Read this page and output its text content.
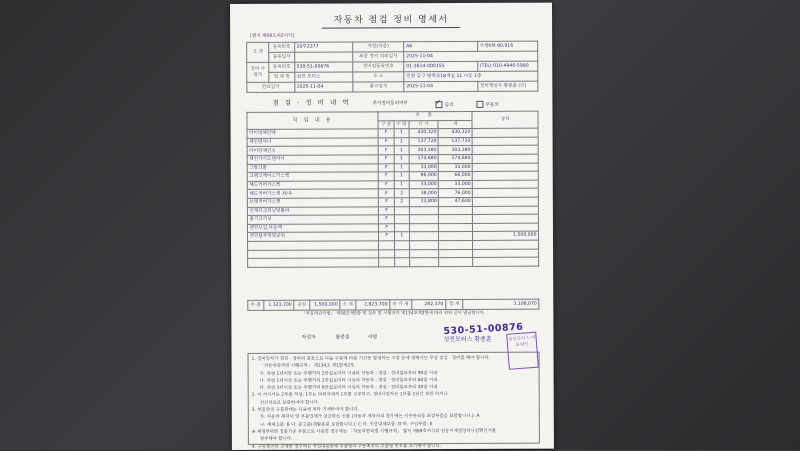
자동차 점검 정비 명세서
[별지 제69호의2서식]
고 객	등록번호	20루2377	차량(차종)	A6	주행KM 80,916
	등록일자		최종 정비 의뢰일자	2025-11-04	
정비 사업자	등록번호	530-51-00876	정비업등록번호	01-2614-000155	(TEL) 010-4940-5990
	업 체 명	성진 모터스	주 소	인천 동구 방축로18개길 11 나동 1층	
완료일자		2025-11-04	출고일자	2025-11-04	정비책임자 황종훈 (인)
점 검 · 정 비 내 역	추가정비동의여부	✓ 동의	부동의
작 업 내 용	부 품				공임
	구 분	수 량	단 가	계	
타이밍체인대	F	1	430,320	430,320	
체인텐셔너	F	1	137,720	137,720	
타이밍체인소	F	1	303,380	303,380	
체인가이드텐셔너	F	1	174,680	174,680	
그랑크볼	F	1	33,000	33,000	
크랭크케이스가스켓	F	1	66,000	66,000	
헤드커버가스켓	F	1	33,000	33,000	
헤드커버가스켓 좌/우	F	2	38,000	76,000	
브랫커버가스켓	F	2	23,800	47,600	
인젝터크리닝및톨바	F				
흡기크리닝	F				
엔진오일,부동액	F				
엔진탈부착및공임	F	1			1,500,000

부 품	1,323,700	공임	1,500,000	소 계	2,823,700	부 가 세	282,370	합 계	3,106,070
「자동차관리법」 제58조제5항 및 같은 법 시행규칙 제134조제2항에 따라 위와 같이 발급합니다.
작성자	황종훈	서명
530-51-00876
성진모터스 황종훈	성진모터스 대표의인
1. 정비업자가 점검 · 정비의 잘못으로 다음 구분에 따른 기간동 발생하는 고장 등에 대해서는 무상 점검 · 정비를 해야 합니다.
「자동차관리법 시행규칙」 제134조 제1항제2호
가. 차령 1년미만 또는 주행거리 2만킬로미터 이내의 자동차 : 점검 · 정비일로부터 90일 이내
나. 차령 1년이상 또는 주행거리 2만킬로미터 이상의 자동차 : 점검 · 정비일로부터 60일 이내
다. 차령 3년이상 또는 주행거리 6만킬로미터 이상의 자동차 : 점검 · 정비일로부터 30일 이내
2. 이 서식서는 2부를 작성, 1부는 의뢰자에게 1부를 교부하고, 정비사업자는 1부를 1년간 보관 하거나
전산자료로 보관하여야 합니다.
3. 부품란의 구분란에는 다음에 따라 기재하여야 합니다.
가. 자동차 제작사 및 부품업체가 공급하는 신품 (자동차 제작사의 경우에는 시주관리용 포장부품을 포함합니다.): A
나. 재제조품: B 다. 중고품(재활용품 포함합니다.): C 라. 인증대체부품: D 마. 수입부품: E
※ 재생부터란 정품기준 부품으로 사용한 경우에는 「자동차관리법 시행규칙」 별지 제69호서식의 원동기재생정비사실확인서를
첨부해야 합니다.
4. 구동촉진의 교체한 경우에는 작업내용란에 부품명과 구동촉진의 부품명 번호를 표기해야 합니다.
